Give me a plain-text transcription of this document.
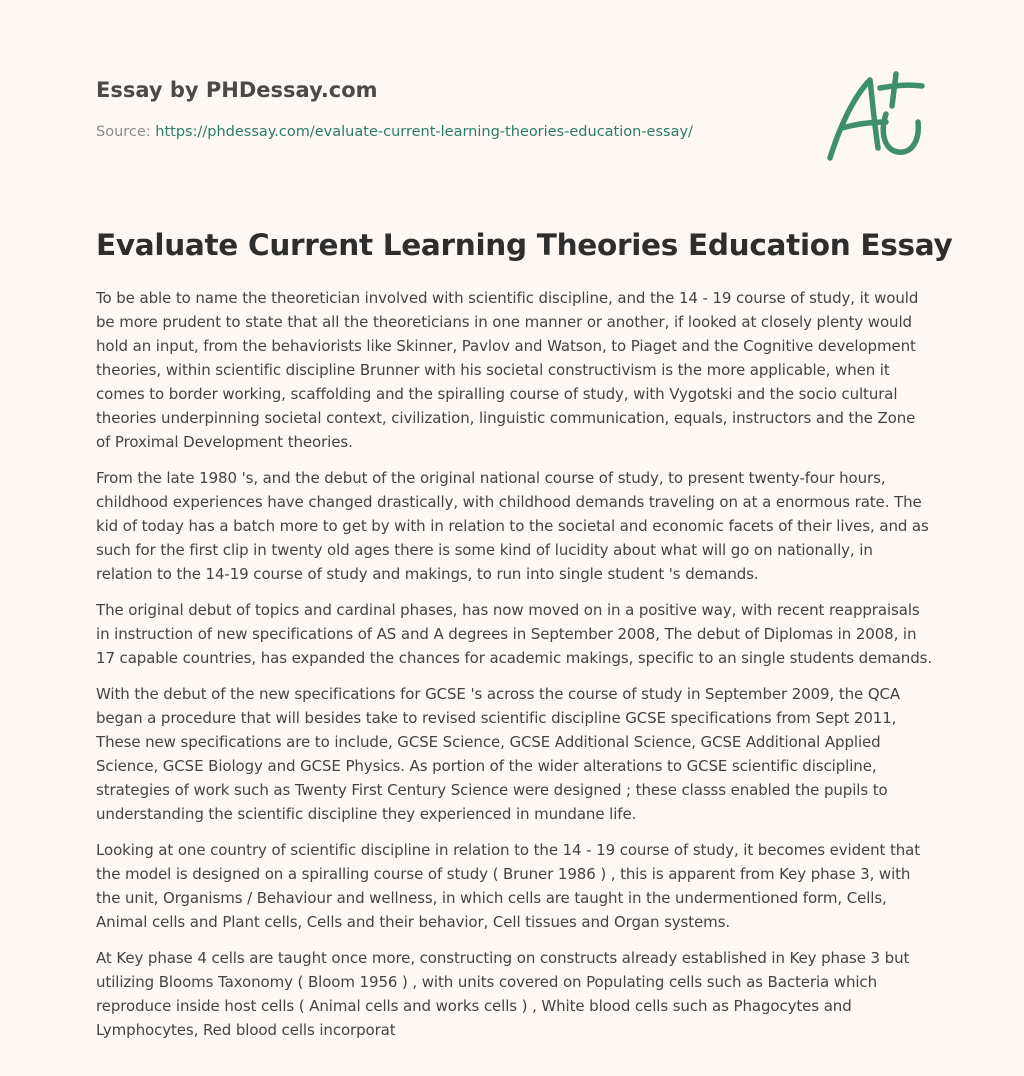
Essay by PHDessay.com
Source: https://phdessay.com/evaluate-current-learning-theories-education-essay/
Evaluate Current Learning Theories Education Essay

To be able to name the theoretician involved with scientific discipline, and the 14 - 19 course of study, it would be more prudent to state that all the theoreticians in one manner or another, if looked at closely plenty would hold an input, from the behaviorists like Skinner, Pavlov and Watson, to Piaget and the Cognitive development theories, within scientific discipline Brunner with his societal constructivism is the more applicable, when it comes to border working, scaffolding and the spiralling course of study, with Vygotski and the socio cultural theories underpinning societal context, civilization, linguistic communication, equals, instructors and the Zone of Proximal Development theories.

From the late 1980 's, and the debut of the original national course of study, to present twenty-four hours, childhood experiences have changed drastically, with childhood demands traveling on at a enormous rate. The kid of today has a batch more to get by with in relation to the societal and economic facets of their lives, and as such for the first clip in twenty old ages there is some kind of lucidity about what will go on nationally, in relation to the 14-19 course of study and makings, to run into single student 's demands.

The original debut of topics and cardinal phases, has now moved on in a positive way, with recent reappraisals in instruction of new specifications of AS and A degrees in September 2008, The debut of Diplomas in 2008, in 17 capable countries, has expanded the chances for academic makings, specific to an single students demands.

With the debut of the new specifications for GCSE 's across the course of study in September 2009, the QCA began a procedure that will besides take to revised scientific discipline GCSE specifications from Sept 2011, These new specifications are to include, GCSE Science, GCSE Additional Science, GCSE Additional Applied Science, GCSE Biology and GCSE Physics. As portion of the wider alterations to GCSE scientific discipline, strategies of work such as Twenty First Century Science were designed ; these classs enabled the pupils to understanding the scientific discipline they experienced in mundane life.

Looking at one country of scientific discipline in relation to the 14 - 19 course of study, it becomes evident that the model is designed on a spiralling course of study ( Bruner 1986 ) , this is apparent from Key phase 3, with the unit, Organisms / Behaviour and wellness, in which cells are taught in the undermentioned form, Cells, Animal cells and Plant cells, Cells and their behavior, Cell tissues and Organ systems.

At Key phase 4 cells are taught once more, constructing on constructs already established in Key phase 3 but utilizing Blooms Taxonomy ( Bloom 1956 ) , with units covered on Populating cells such as Bacteria which reproduce inside host cells ( Animal cells and works cells ) , White blood cells such as Phagocytes and Lymphocytes, Red blood cells incorporat
